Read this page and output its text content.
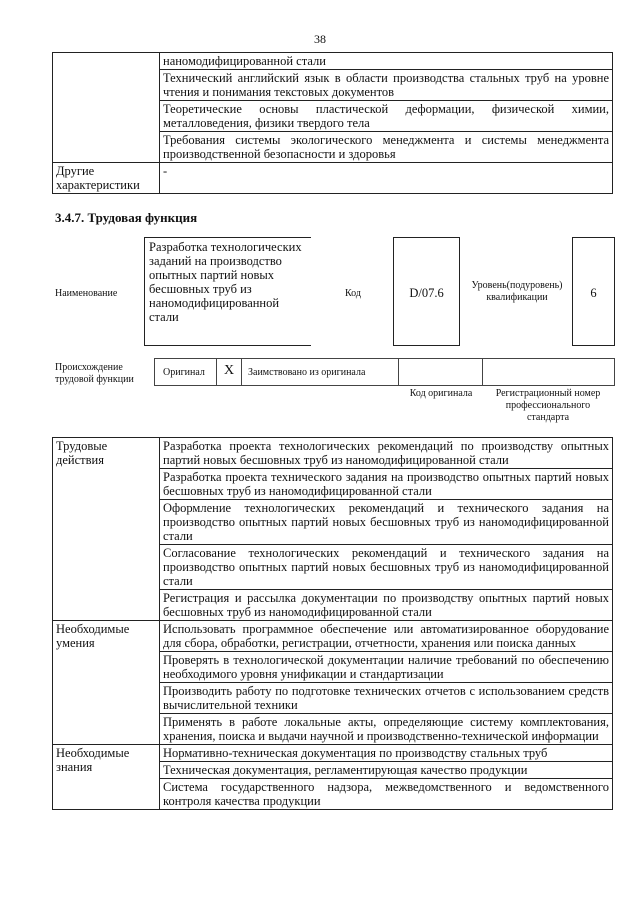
38
	наномодифицированной стали
	Технический английский язык в области производства стальных труб на уровне чтения и понимания текстовых документов
	Теоретические основы пластической деформации, физической химии, металловедения, физики твердого тела
	Требования системы экологического менеджмента и системы менеджмента производственной безопасности и здоровья
Другие характеристики	-
3.4.7. Трудовая функция
Наименование
Разработка технологических заданий на производство опытных партий новых бесшовных труб из наномодифицированной стали
Код	D/07.6
Уровень(подуровень) квалификации	6
Происхождение трудовой функции
Оригинал X Заимствовано из оригинала
Код оригинала	Регистрационный номер профессионального стандарта
Трудовые действия	Разработка проекта технологических рекомендаций по производству опытных партий новых бесшовных труб из наномодифицированной стали
	Разработка проекта технического задания на производство опытных партий новых бесшовных труб из наномодифицированной стали
	Оформление технологических рекомендаций и технического задания на производство опытных партий новых бесшовных труб из наномодифицированной стали
	Согласование технологических рекомендаций и технического задания на производство опытных партий новых бесшовных труб из наномодифицированной стали
	Регистрация и рассылка документации по производству опытных партий новых бесшовных труб из наномодифицированной стали
Необходимые умения	Использовать программное обеспечение или автоматизированное оборудование для сбора, обработки, регистрации, отчетности, хранения или поиска данных
	Проверять в технологической документации наличие требований по обеспечению необходимого уровня унификации и стандартизации
	Производить работу по подготовке технических отчетов с использованием средств вычислительной техники
	Применять в работе локальные акты, определяющие систему комплектования, хранения, поиска и выдачи научной и производственно-технической информации
Необходимые знания	Нормативно-техническая документация по производству стальных труб
	Техническая документация, регламентирующая качество продукции
	Система государственного надзора, межведомственного и ведомственного контроля качества продукции
